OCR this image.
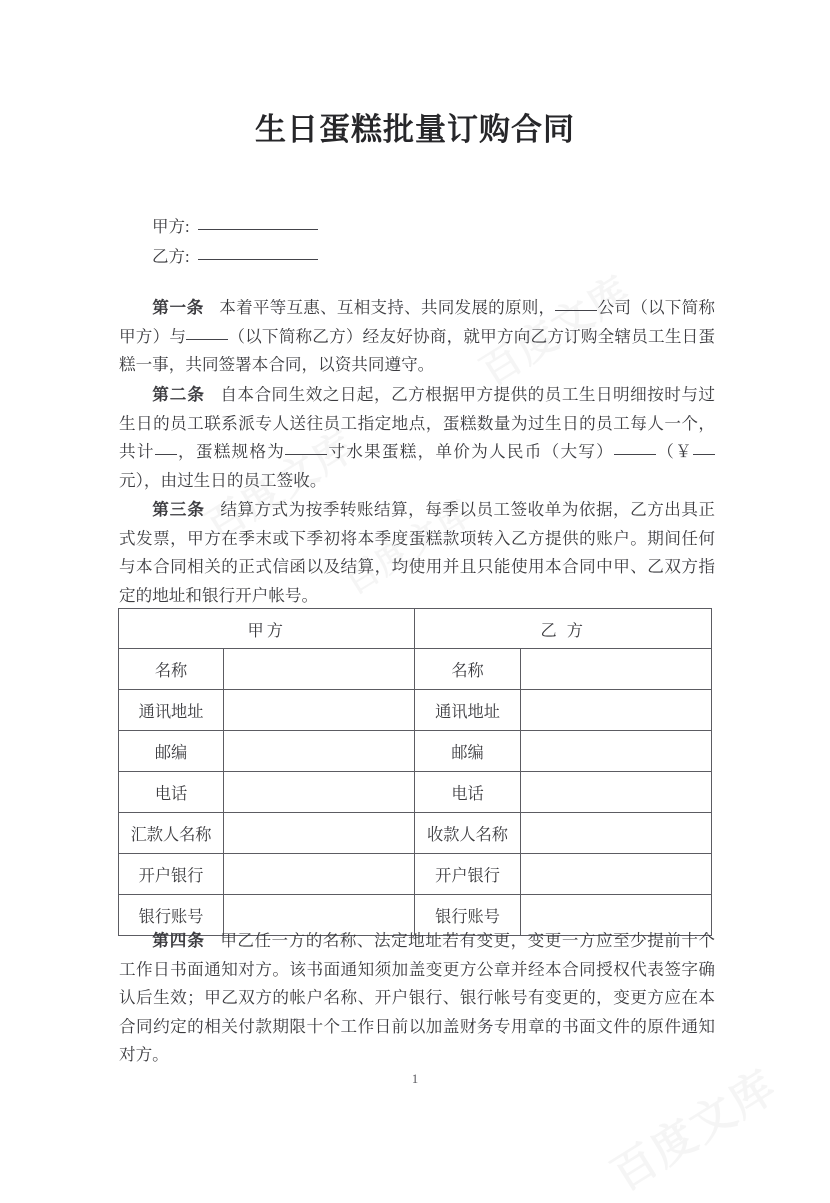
生日蛋糕批量订购合同
甲方:
乙方:

第一条 本着平等互惠、互相支持、共同发展的原则，	公司（以下简称甲方）与	（以下简称乙方）经友好协商，就甲方向乙方订购全辖员工生日蛋糕一事，共同签署本合同，以资共同遵守。

第二条 自本合同生效之日起，乙方根据甲方提供的员工生日明细按时与过生日的员工联系派专人送往员工指定地点，蛋糕数量为过生日的员工每人一个，共计 ，蛋糕规格为	寸水果蛋糕，单价为人民币（大写）	（￥元），由过生日的员工签收。

第三条 结算方式为按季转账结算，每季以员工签收单为依据，乙方出具正式发票，甲方在季末或下季初将本季度蛋糕款项转入乙方提供的账户。期间任何与本合同相关的正式信函以及结算，均使用并且只能使用本合同中甲、乙双方指定的地址和银行开户帐号。

甲方		乙 方	
名称		名称	
通讯地址		通讯地址	
邮编		邮编	
电话		电话	
汇款人名称		收款人名称	
开户银行		开户银行	
银行账号		银行账号	

第四条 甲乙任一方的名称、法定地址若有变更，变更一方应至少提前十个工作日书面通知对方。该书面通知须加盖变更方公章并经本合同授权代表签字确认后生效；甲乙双方的帐户名称、开户银行、银行帐号有变更的，变更方应在本合同约定的相关付款期限十个工作日前以加盖财务专用章的书面文件的原件通知对方。

1
